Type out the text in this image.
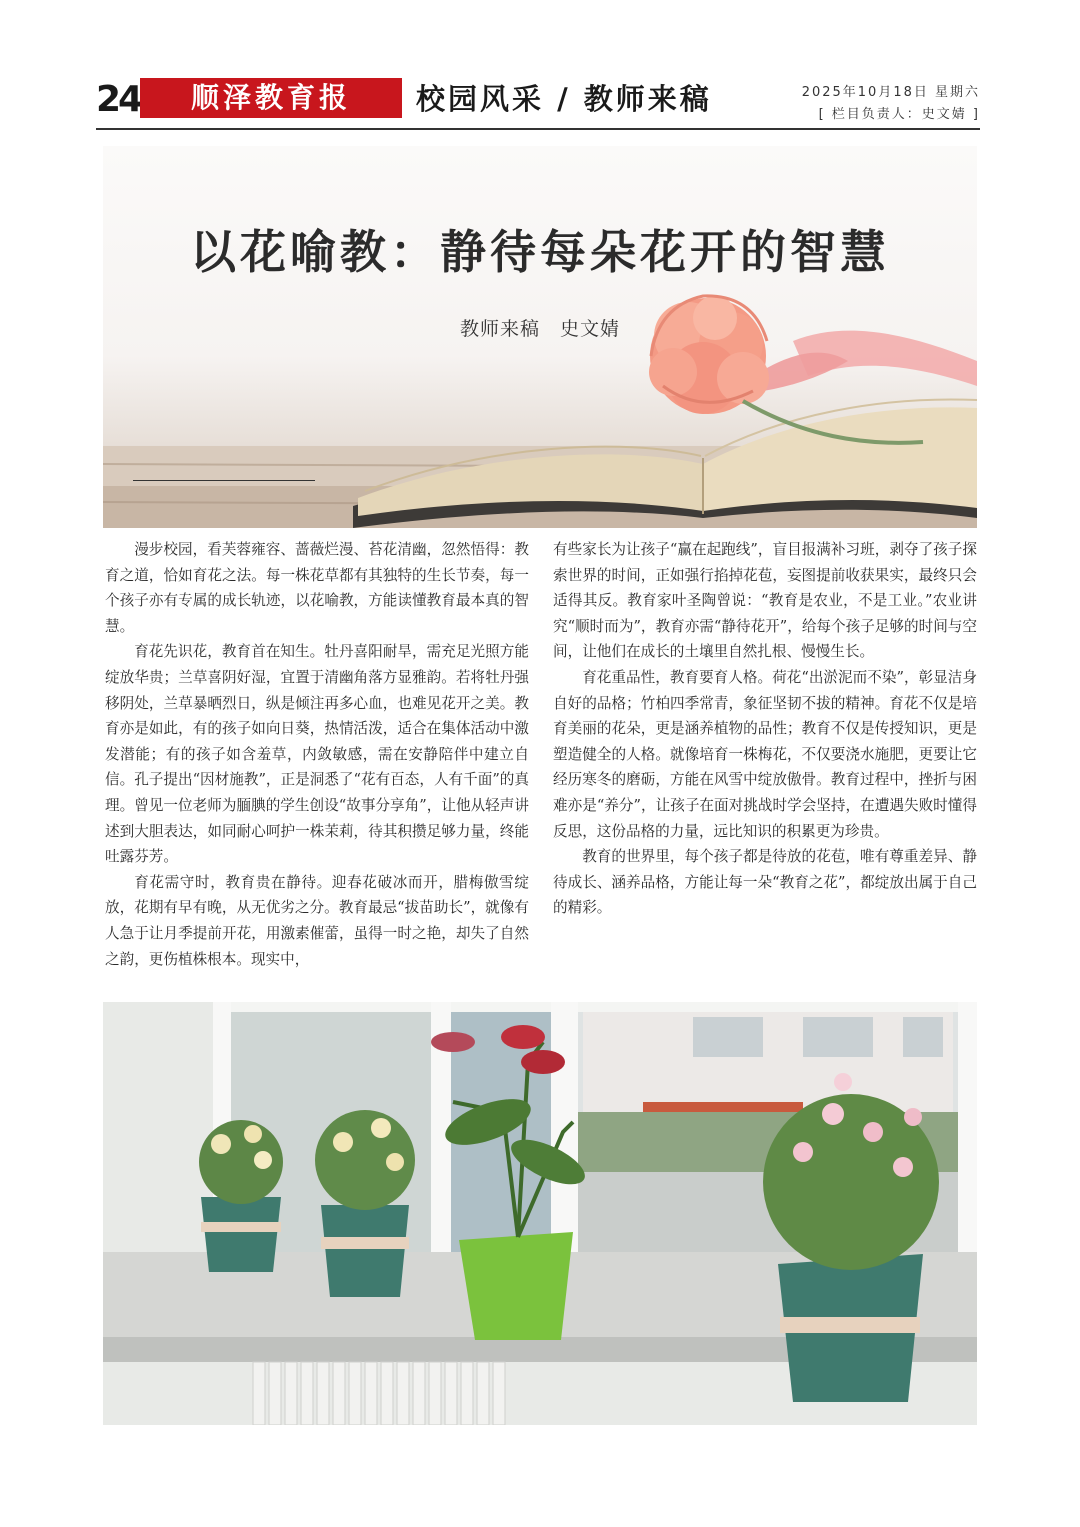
24	顺泽教育报	校园风采 / 教师来稿	2025年10月18日 星期六
[ 栏目负责人：史文婧 ]
以花喻教：静待每朵花开的智慧
教师来稿　史文婧

漫步校园，看芙蓉雍容、蔷薇烂漫、苔花清幽，忽然悟得：教育之道，恰如育花之法。每一株花草都有其独特的生长节奏，每一个孩子亦有专属的成长轨迹，以花喻教，方能读懂教育最本真的智慧。

育花先识花，教育首在知生。牡丹喜阳耐旱，需充足光照方能绽放华贵；兰草喜阴好湿，宜置于清幽角落方显雅韵。若将牡丹强移阴处，兰草暴晒烈日，纵是倾注再多心血，也难见花开之美。教育亦是如此，有的孩子如向日葵，热情活泼，适合在集体活动中激发潜能；有的孩子如含羞草，内敛敏感，需在安静陪伴中建立自信。孔子提出“因材施教”，正是洞悉了“花有百态，人有千面”的真理。曾见一位老师为腼腆的学生创设“故事分享角”，让他从轻声讲述到大胆表达，如同耐心呵护一株茉莉，待其积攒足够力量，终能吐露芬芳。

育花需守时，教育贵在静待。迎春花破冰而开，腊梅傲雪绽放，花期有早有晚，从无优劣之分。教育最忌“拔苗助长”，就像有人急于让月季提前开花，用激素催蕾，虽得一时之艳，却失了自然之韵，更伤植株根本。现实中，

有些家长为让孩子“赢在起跑线”，盲目报满补习班，剥夺了孩子探索世界的时间，正如强行掐掉花苞，妄图提前收获果实，最终只会适得其反。教育家叶圣陶曾说：“教育是农业，不是工业。”农业讲究“顺时而为”，教育亦需“静待花开”，给每个孩子足够的时间与空间，让他们在成长的土壤里自然扎根、慢慢生长。

育花重品性，教育要育人格。荷花“出淤泥而不染”，彰显洁身自好的品格；竹柏四季常青，象征坚韧不拔的精神。育花不仅是培育美丽的花朵，更是涵养植物的品性；教育不仅是传授知识，更是塑造健全的人格。就像培育一株梅花，不仅要浇水施肥，更要让它经历寒冬的磨砺，方能在风雪中绽放傲骨。教育过程中，挫折与困难亦是“养分”，让孩子在面对挑战时学会坚持，在遭遇失败时懂得反思，这份品格的力量，远比知识的积累更为珍贵。

教育的世界里，每个孩子都是待放的花苞，唯有尊重差异、静待成长、涵养品格，方能让每一朵“教育之花”，都绽放出属于自己的精彩。
